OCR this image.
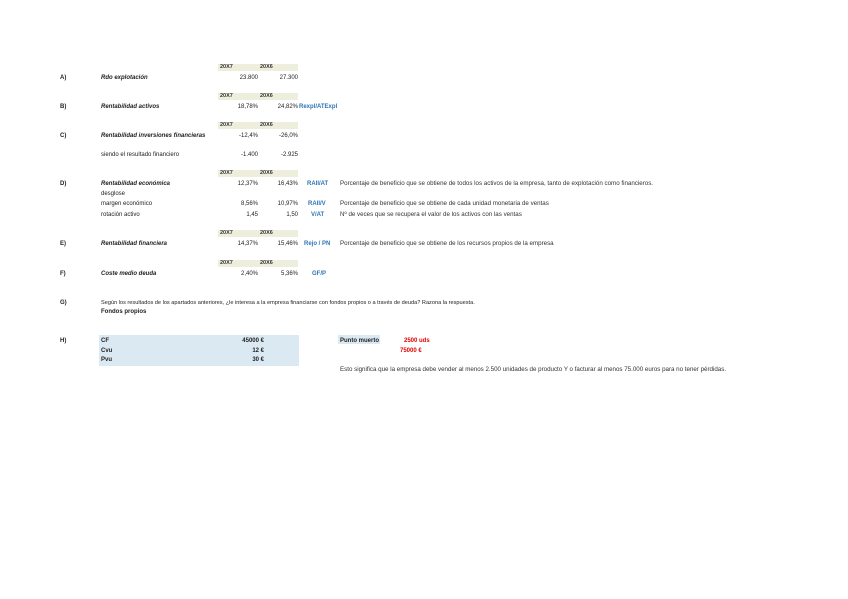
20X7	20X6
A)	Rdo explotación	23.800	27.300
20X7	20X6
B)	Rentabilidad activos	18,78%	24,82% Rexpl/ATExpl
20X7	20X6
C)	Rentabilidad inversiones financieras	-12,4%	-26,0%
siendo el resultado financiero	-1.400	-2.925
20X7	20X6
D)	Rentabilidad económica	12,37%	16,43% RAII/AT Porcentaje de beneficio que se obtiene de todos los activos de la empresa, tanto de explotación como financieros.
desglose
margen económico	8,56%	10,97% RAII/V Porcentaje de beneficio que se obtiene de cada unidad monetaria de ventas
rotación activo	1,45	1,50 V/AT	Nº de veces que se recupera el valor de los activos con las ventas
20X7	20X6
E)	Rentabilidad financiera	14,37%	15,46% Rejo / PN Porcentaje de beneficio que se obtiene de los recursos propios de la empresa
20X7	20X6
F)	Coste medio deuda	2,40%	5,36% GF/P
G)	Según los resultados de los apartados anteriores, ¿le interesa a la empresa financiarse con fondos propios o a través de deuda? Razona la respuesta.
Fondos propios
H)	CF	45000 €
Cvu	12 €
Pvu	30 €
Punto muerto	2500 uds
75000 €
Esto significa que la empresa debe vender al menos 2.500 unidades de producto Y o facturar al menos 75.000 euros para no tener pérdidas.
